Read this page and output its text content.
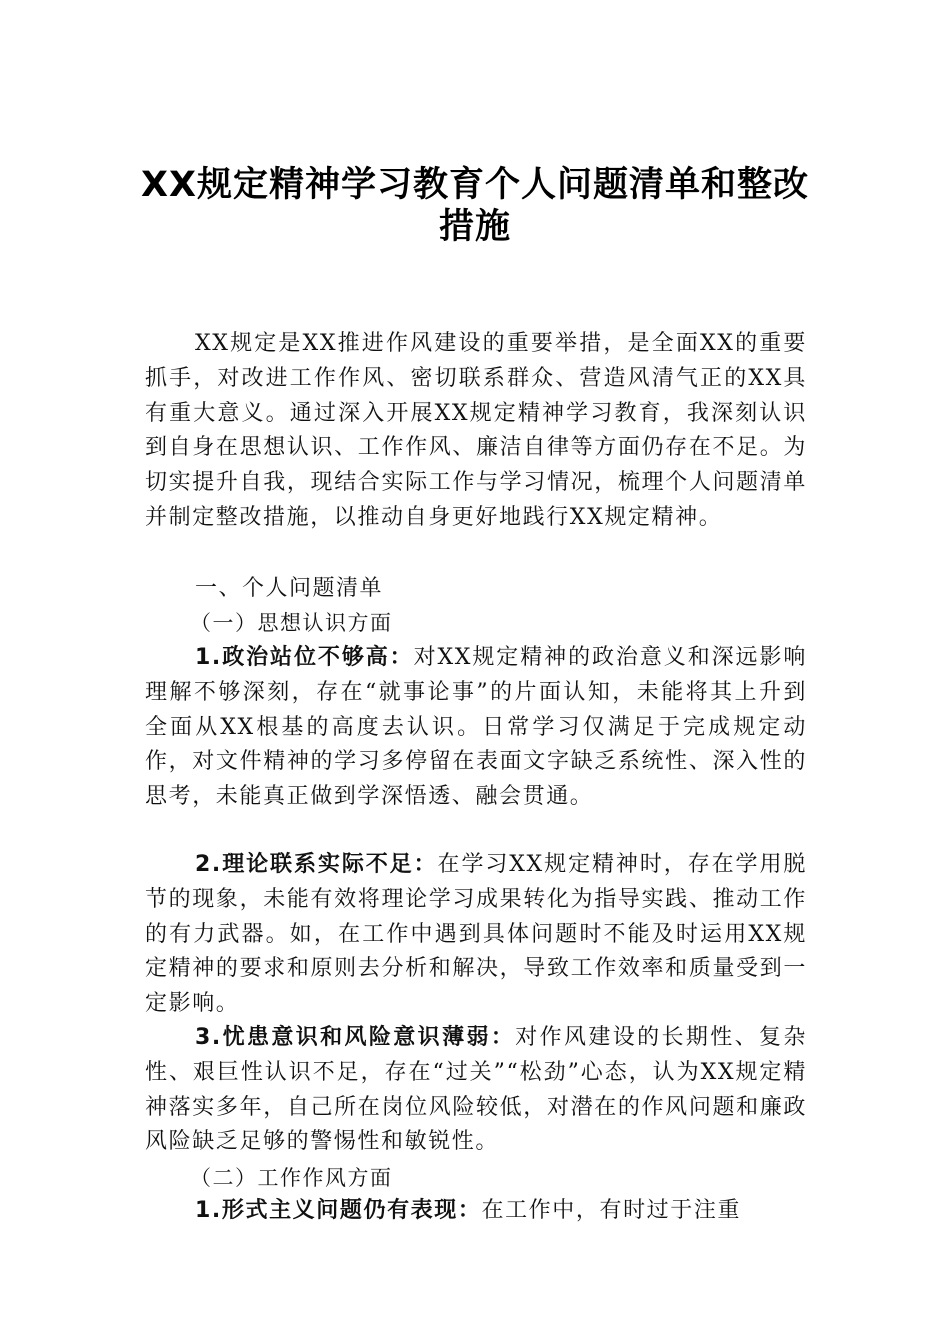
XX规定精神学习教育个人问题清单和整改
措施

XX规定是XX推进作风建设的重要举措，是全面XX的重要抓手，对改进工作作风、密切联系群众、营造风清气正的XX具有重大意义。通过深入开展XX规定精神学习教育，我深刻认识到自身在思想认识、工作作风、廉洁自律等方面仍存在不足。为切实提升自我，现结合实际工作与学习情况，梳理个人问题清单并制定整改措施，以推动自身更好地践行XX规定精神。

一、个人问题清单
（一）思想认识方面

1.政治站位不够高：对XX规定精神的政治意义和深远影响理解不够深刻，存在“就事论事”的片面认知，未能将其上升到全面从XX根基的高度去认识。日常学习仅满足于完成规定动作，对文件精神的学习多停留在表面文字缺乏系统性、深入性的思考，未能真正做到学深悟透、融会贯通。

2.理论联系实际不足：在学习XX规定精神时，存在学用脱节的现象，未能有效将理论学习成果转化为指导实践、推动工作的有力武器。如，在工作中遇到具体问题时不能及时运用XX规定精神的要求和原则去分析和解决，导致工作效率和质量受到一定影响。

3.忧患意识和风险意识薄弱：对作风建设的长期性、复杂性、艰巨性认识不足，存在“过关”“松劲”心态，认为XX规定精神落实多年，自己所在岗位风险较低，对潜在的作风问题和廉政风险缺乏足够的警惕性和敏锐性。

（二）工作作风方面

1.形式主义问题仍有表现：在工作中，有时过于注重
